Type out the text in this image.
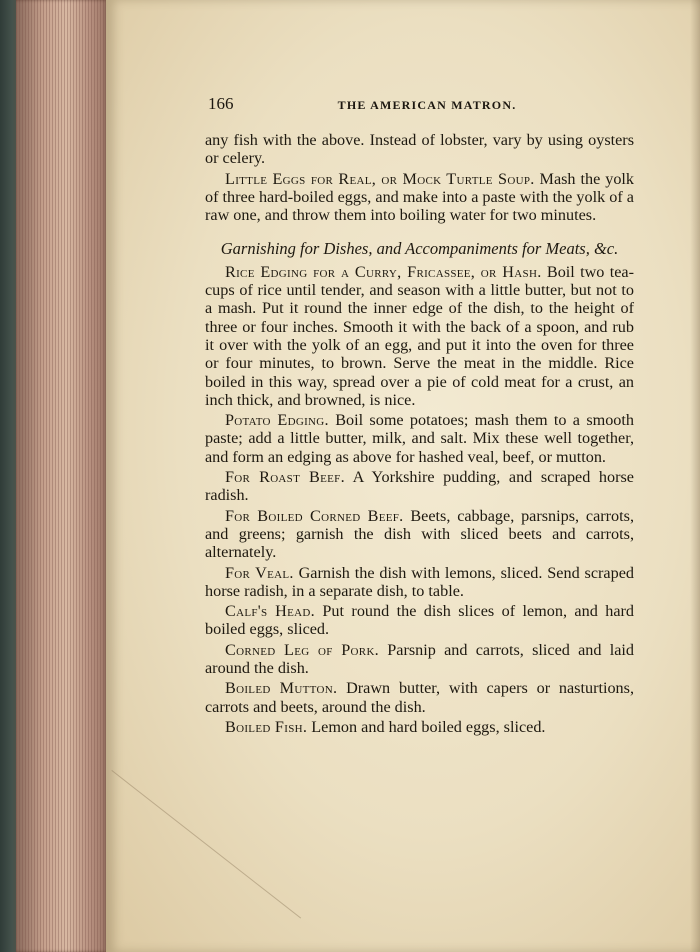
166	THE AMERICAN MATRON.

any fish with the above. Instead of lobster, vary by using oysters or celery.

Little Eggs for Real, or Mock Turtle Soup. Mash the yolk of three hard-boiled eggs, and make into a paste with the yolk of a raw one, and throw them into boiling water for two minutes.

Garnishing for Dishes, and Accompaniments for Meats, &c.

Rice Edging for a Curry, Fricassee, or Hash. Boil two tea-cups of rice until tender, and season with a little butter, but not to a mash. Put it round the inner edge of the dish, to the height of three or four inches. Smooth it with the back of a spoon, and rub it over with the yolk of an egg, and put it into the oven for three or four minutes, to brown. Serve the meat in the middle. Rice boiled in this way, spread over a pie of cold meat for a crust, an inch thick, and browned, is nice.

Potato Edging. Boil some potatoes; mash them to a smooth paste; add a little butter, milk, and salt. Mix these well together, and form an edging as above for hashed veal, beef, or mutton.

For Roast Beef. A Yorkshire pudding, and scraped horse radish.

For Boiled Corned Beef. Beets, cabbage, parsnips, carrots, and greens; garnish the dish with sliced beets and carrots, alternately.

For Veal. Garnish the dish with lemons, sliced. Send scraped horse radish, in a separate dish, to table.

Calf's Head. Put round the dish slices of lemon, and hard boiled eggs, sliced.

Corned Leg of Pork. Parsnip and carrots, sliced and laid around the dish.

Boiled Mutton. Drawn butter, with capers or nasturtions, carrots and beets, around the dish.

Boiled Fish. Lemon and hard boiled eggs, sliced.
